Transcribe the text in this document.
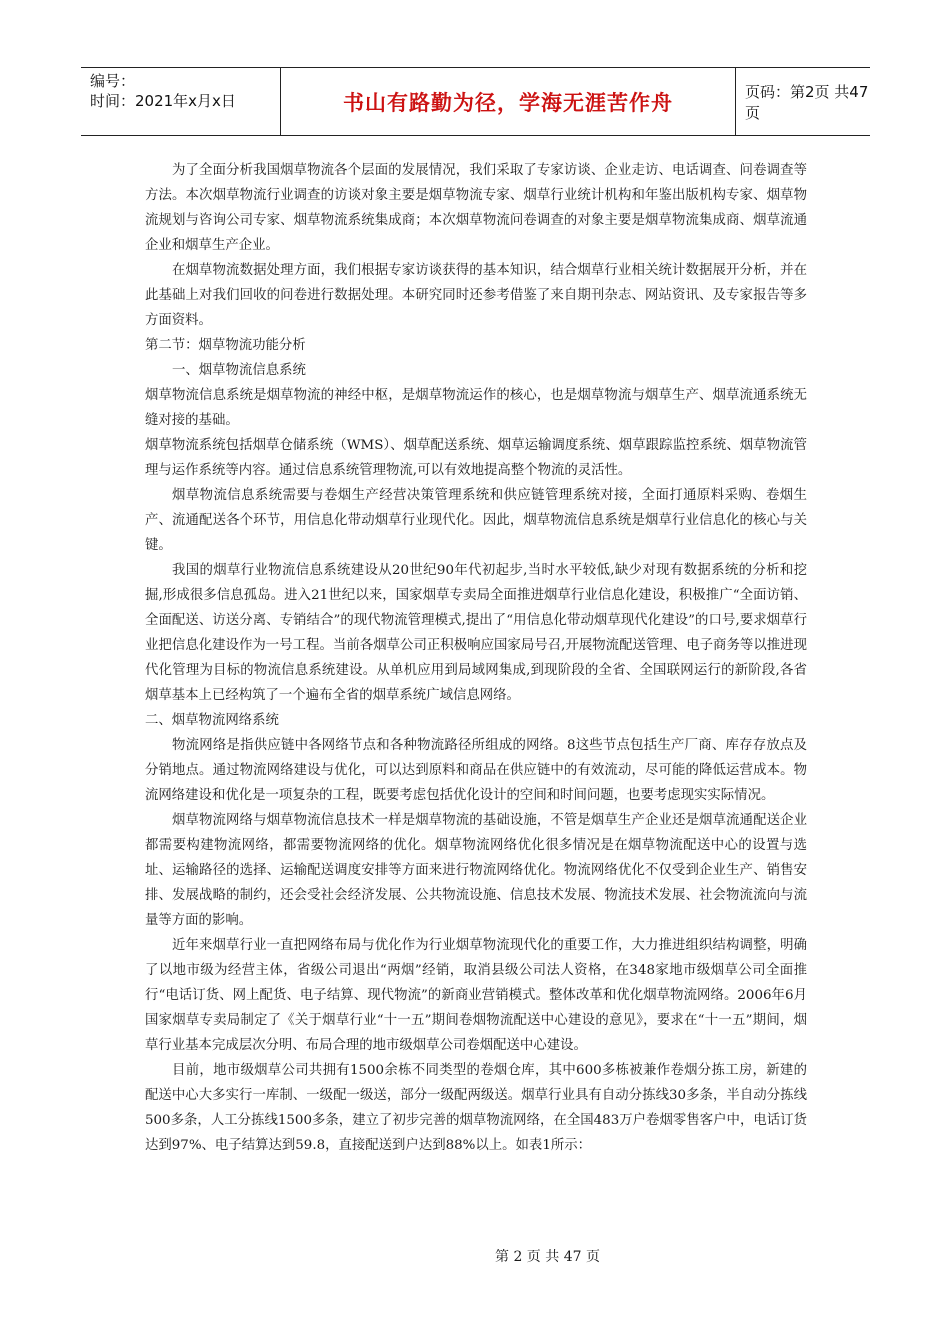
编号：
时间：2021年x月x日	书山有路勤为径，学海无涯苦作舟	页码：第2页 共47页

为了全面分析我国烟草物流各个层面的发展情况，我们采取了专家访谈、企业走访、电话调查、问卷调查等方法。本次烟草物流行业调查的访谈对象主要是烟草物流专家、烟草行业统计机构和年鉴出版机构专家、烟草物流规划与咨询公司专家、烟草物流系统集成商；本次烟草物流问卷调查的对象主要是烟草物流集成商、烟草流通企业和烟草生产企业。

在烟草物流数据处理方面，我们根据专家访谈获得的基本知识，结合烟草行业相关统计数据展开分析，并在此基础上对我们回收的问卷进行数据处理。本研究同时还参考借鉴了来自期刊杂志、网站资讯、及专家报告等多方面资料。

第二节：烟草物流功能分析

一、烟草物流信息系统

烟草物流信息系统是烟草物流的神经中枢，是烟草物流运作的核心，也是烟草物流与烟草生产、烟草流通系统无缝对接的基础。

烟草物流系统包括烟草仓储系统（WMS）、烟草配送系统、烟草运输调度系统、烟草跟踪监控系统、烟草物流管理与运作系统等内容。通过信息系统管理物流,可以有效地提高整个物流的灵活性。

烟草物流信息系统需要与卷烟生产经营决策管理系统和供应链管理系统对接，全面打通原料采购、卷烟生产、流通配送各个环节，用信息化带动烟草行业现代化。因此，烟草物流信息系统是烟草行业信息化的核心与关键。

我国的烟草行业物流信息系统建设从20世纪90年代初起步,当时水平较低,缺少对现有数据系统的分析和挖掘,形成很多信息孤岛。进入21世纪以来，国家烟草专卖局全面推进烟草行业信息化建设，积极推广“全面访销、全面配送、访送分离、专销结合”的现代物流管理模式,提出了“用信息化带动烟草现代化建设”的口号,要求烟草行业把信息化建设作为一号工程。当前各烟草公司正积极响应国家局号召,开展物流配送管理、电子商务等以推进现代化管理为目标的物流信息系统建设。从单机应用到局域网集成,到现阶段的全省、全国联网运行的新阶段,各省烟草基本上已经构筑了一个遍布全省的烟草系统广域信息网络。

二、烟草物流网络系统

物流网络是指供应链中各网络节点和各种物流路径所组成的网络。8这些节点包括生产厂商、库存存放点及分销地点。通过物流网络建设与优化，可以达到原料和商品在供应链中的有效流动，尽可能的降低运营成本。物流网络建设和优化是一项复杂的工程，既要考虑包括优化设计的空间和时间问题，也要考虑现实实际情况。

烟草物流网络与烟草物流信息技术一样是烟草物流的基础设施，不管是烟草生产企业还是烟草流通配送企业都需要构建物流网络，都需要物流网络的优化。烟草物流网络优化很多情况是在烟草物流配送中心的设置与选址、运输路径的选择、运输配送调度安排等方面来进行物流网络优化。物流网络优化不仅受到企业生产、销售安排、发展战略的制约，还会受社会经济发展、公共物流设施、信息技术发展、物流技术发展、社会物流流向与流量等方面的影响。

近年来烟草行业一直把网络布局与优化作为行业烟草物流现代化的重要工作，大力推进组织结构调整，明确了以地市级为经营主体，省级公司退出“两烟”经销，取消县级公司法人资格，在348家地市级烟草公司全面推行“电话订货、网上配货、电子结算、现代物流”的新商业营销模式。整体改革和优化烟草物流网络。2006年6月国家烟草专卖局制定了《关于烟草行业“十一五”期间卷烟物流配送中心建设的意见》，要求在“十一五”期间，烟草行业基本完成层次分明、布局合理的地市级烟草公司卷烟配送中心建设。

目前，地市级烟草公司共拥有1500余栋不同类型的卷烟仓库，其中600多栋被兼作卷烟分拣工房，新建的配送中心大多实行一库制、一级配一级送，部分一级配两级送。烟草行业具有自动分拣线30多条，半自动分拣线500多条，人工分拣线1500多条，建立了初步完善的烟草物流网络，在全国483万户卷烟零售客户中，电话订货达到97%、电子结算达到59.8，直接配送到户达到88%以上。如表1所示：

第 2 页 共 47 页
